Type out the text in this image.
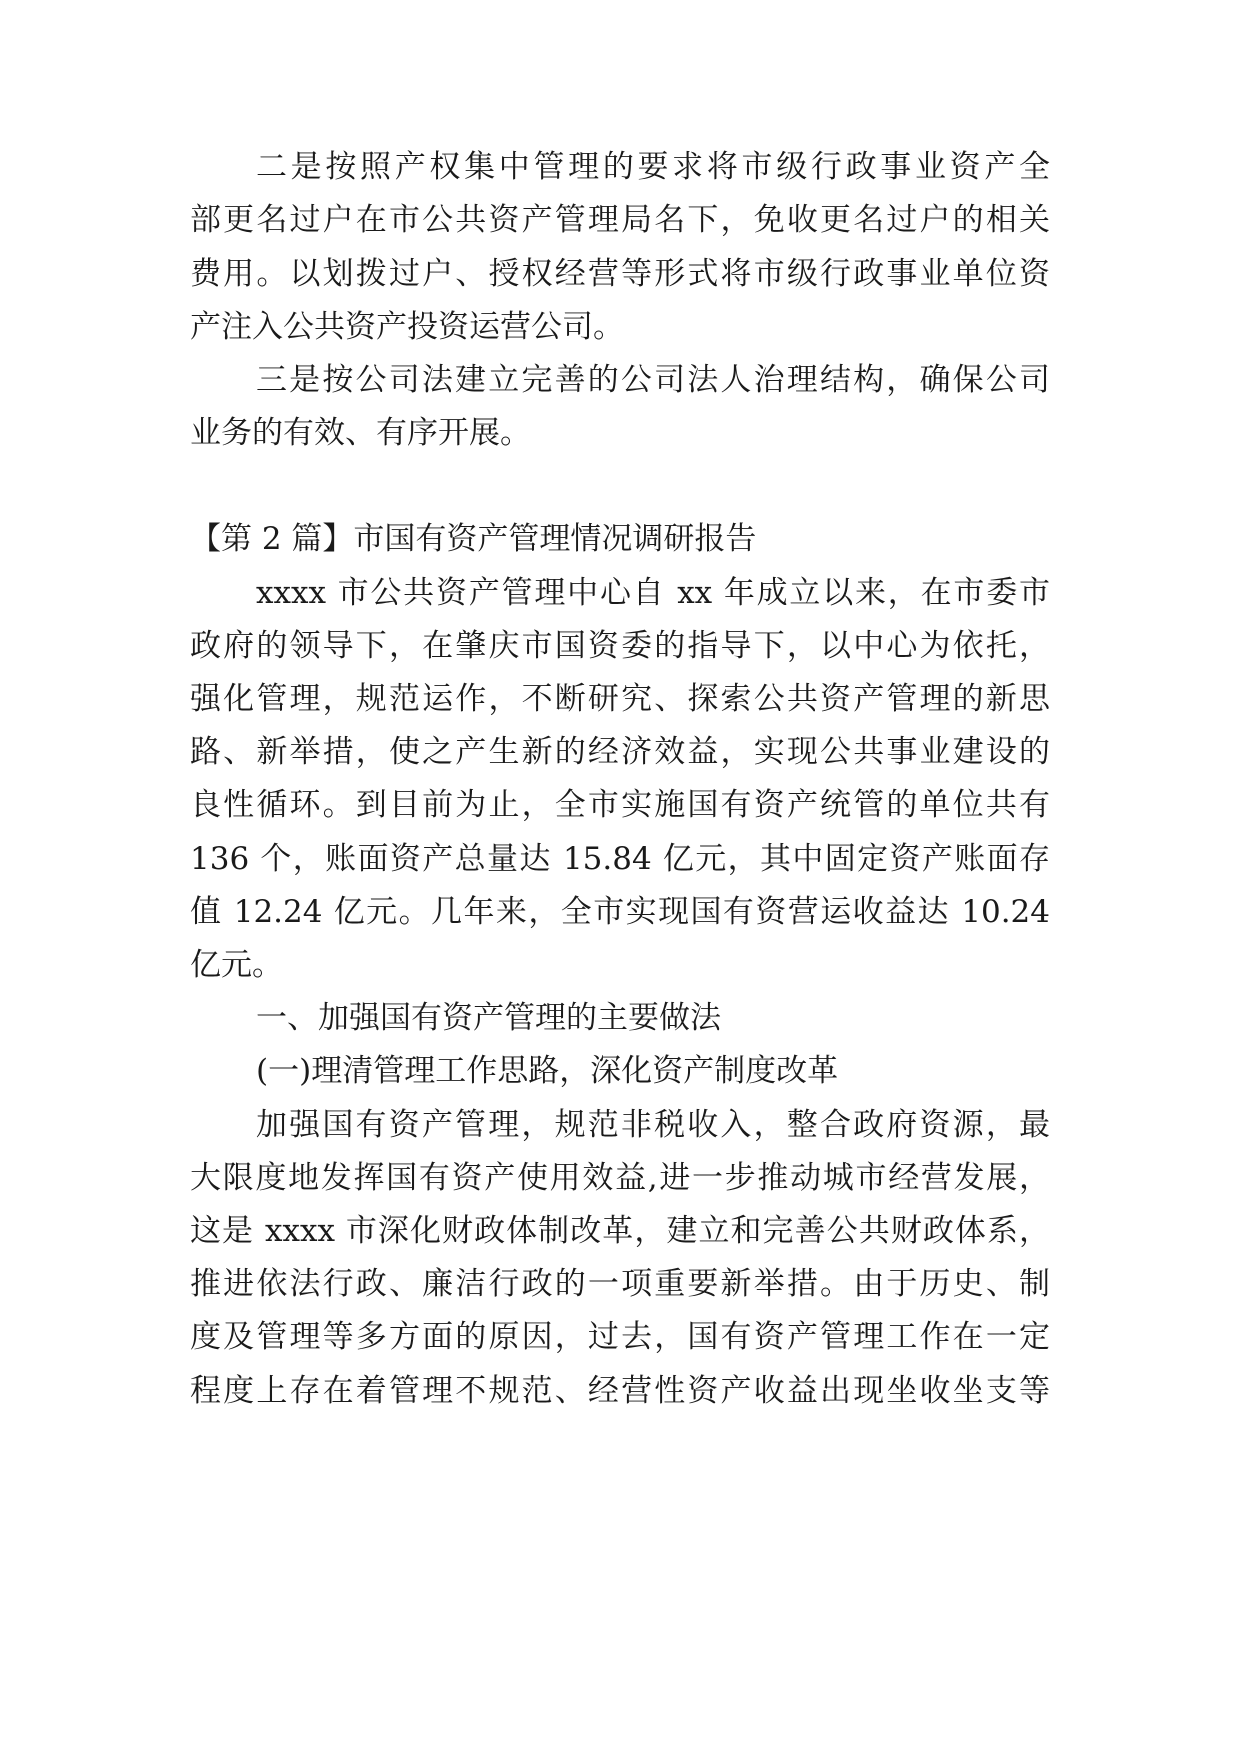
二是按照产权集中管理的要求将市级行政事业资产全
部更名过户在市公共资产管理局名下，免收更名过户的相关
费用。以划拨过户、授权经营等形式将市级行政事业单位资
产注入公共资产投资运营公司。
三是按公司法建立完善的公司法人治理结构，确保公司
业务的有效、有序开展。
【第 2 篇】市国有资产管理情况调研报告
xxxx 市公共资产管理中心自 xx 年成立以来，在市委市
政府的领导下，在肇庆市国资委的指导下，以中心为依托，
强化管理，规范运作，不断研究、探索公共资产管理的新思
路、新举措，使之产生新的经济效益，实现公共事业建设的
良性循环。到目前为止，全市实施国有资产统管的单位共有
136 个，账面资产总量达 15.84 亿元，其中固定资产账面存
值 12.24 亿元。几年来，全市实现国有资营运收益达 10.24
亿元。
一、加强国有资产管理的主要做法
(一)理清管理工作思路，深化资产制度改革
加强国有资产管理，规范非税收入，整合政府资源，最
大限度地发挥国有资产使用效益,进一步推动城市经营发展，
这是 xxxx 市深化财政体制改革，建立和完善公共财政体系，
推进依法行政、廉洁行政的一项重要新举措。由于历史、制
度及管理等多方面的原因，过去，国有资产管理工作在一定
程度上存在着管理不规范、经营性资产收益出现坐收坐支等
